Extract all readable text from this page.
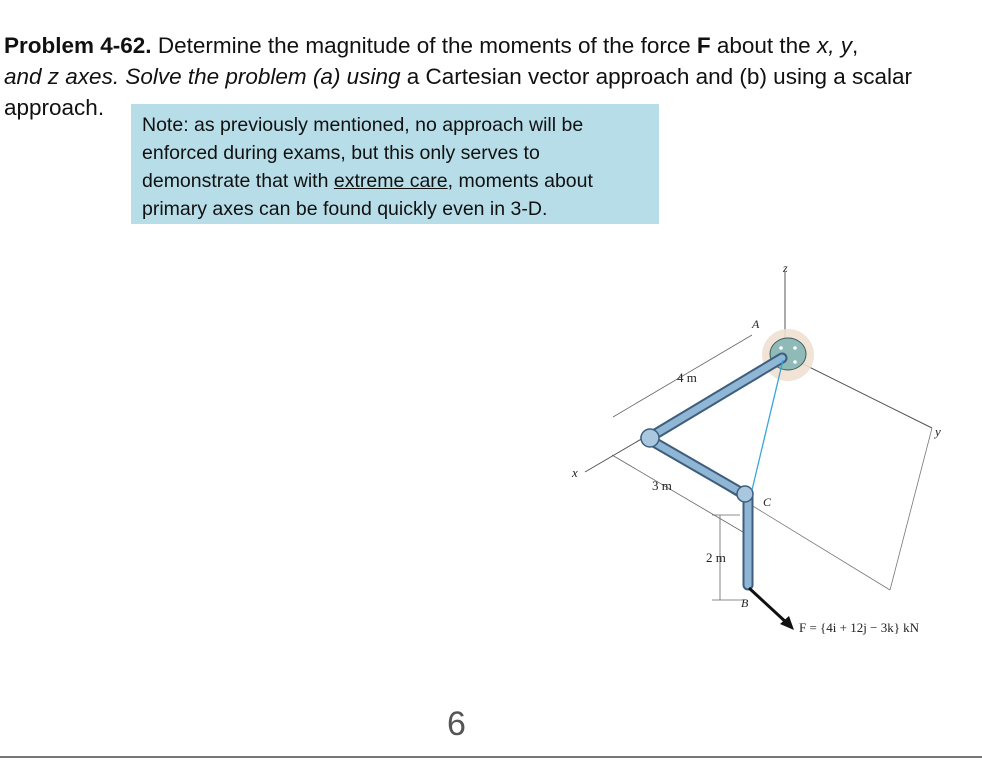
Problem 4-62. Determine the magnitude of the moments of the force F about the x, y,
and z axes. Solve the problem (a) using a Cartesian vector approach and (b) using a scalar approach.

Note: as previously mentioned, no approach will be enforced during exams, but this only serves to demonstrate that with extreme care, moments about primary axes can be found quickly even in 3-D.
z
y
x
A
C
B
4 m
3 m
2 m
F = {4i + 12j − 3k} kN
6
